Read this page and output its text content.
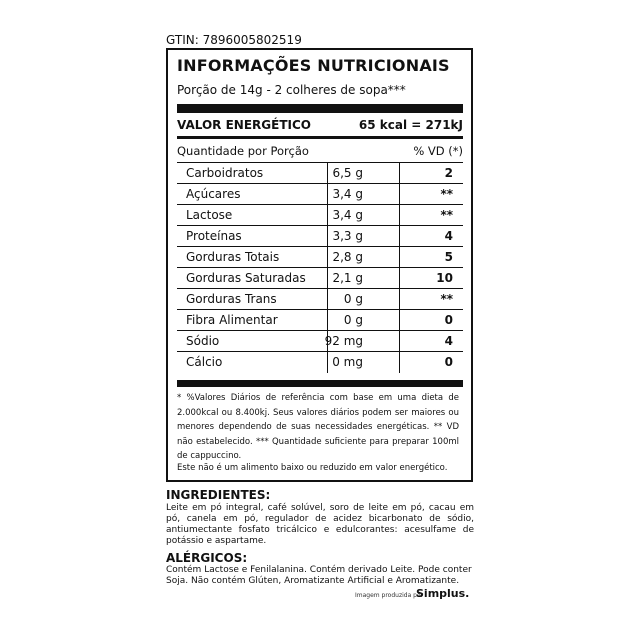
GTIN: 7896005802519
INFORMAÇÕES NUTRICIONAIS
Porção de 14g - 2 colheres de sopa***
VALOR ENERGÉTICO	65 kcal = 271kJ
Quantidade por Porção	% VD (*)
Carboidratos	6,5 g	2
Açúcares	3,4 g	**
Lactose	3,4 g	**
Proteínas	3,3 g	4
Gorduras Totais	2,8 g	5
Gorduras Saturadas 2,1 g	10
Gorduras Trans	0 g	**
Fibra Alimentar	0 g	0
Sódio	92 mg	4
Cálcio	0 mg	0
* %Valores Diários de referência com base em uma dieta de 2.000kcal ou 8.400kj. Seus valores diários podem ser maiores ou menores dependendo de suas necessidades energéticas. ** VD não estabelecido. *** Quantidade suficiente para preparar 100ml de cappuccino.
Este não é um alimento baixo ou reduzido em valor energético.
INGREDIENTES:
Leite em pó integral, café solúvel, soro de leite em pó, cacau em pó, canela em pó, regulador de acidez bicarbonato de sódio, antiumectante fosfato tricálcico e edulcorantes: acesulfame de potássio e aspartame.
ALÉRGICOS:
Contém Lactose e Fenilalanina. Contém derivado Leite. Pode conter Soja. Não contém Glúten, Aromatizante Artificial e Aromatizante.
Imagem produzida por
Simplus.
